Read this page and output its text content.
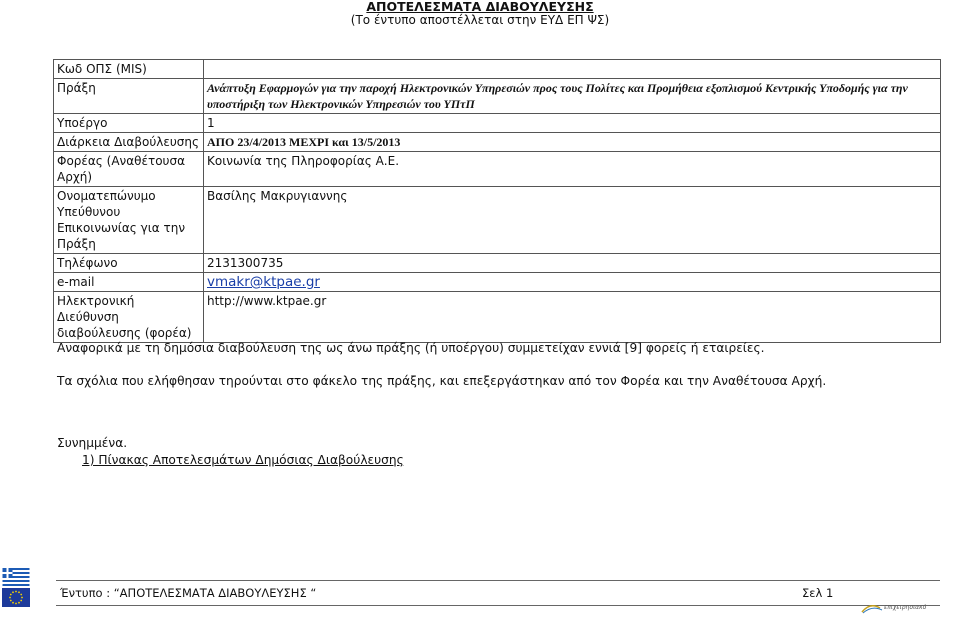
ΑΠΟΤΕΛΕΣΜΑΤΑ ΔΙΑΒΟΥΛΕΥΣΗΣ
(Το έντυπο αποστέλλεται στην ΕΥΔ ΕΠ ΨΣ)
Κωδ ΟΠΣ (MIS)	
Πράξη	Ανάπτυξη Εφαρμογών για την παροχή Ηλεκτρονικών Υπηρεσιών προς τους Πολίτες και Προμήθεια εξοπλισμού Κεντρικής Υποδομής για την υποστήριξη των Ηλεκτρονικών Υπηρεσιών του ΥΠτΠ
Υποέργο	1
Διάρκεια Διαβούλευσης	ΑΠΟ 23/4/2013 ΜΕΧΡΙ και 13/5/2013
Φορέας (Αναθέτουσα Αρχή)	Κοινωνία της Πληροφορίας Α.Ε.
Ονοματεπώνυμο Υπεύθυνου Επικοινωνίας για την Πράξη	Βασίλης Μακρυγιαννης
Τηλέφωνο	2131300735
e-mail	vmakr@ktpae.gr
Ηλεκτρονική Διεύθυνση διαβούλευσης (φορέα)	http://www.ktpae.gr
Αναφορικά με τη δημόσια διαβούλευση της ως άνω πράξης (ή υποέργου) συμμετείχαν εννιά [9] φορείς ή εταιρείες.
Τα σχόλια που ελήφθησαν τηρούνται στο φάκελο της πράξης, και επεξεργάστηκαν από τον Φορέα και την Αναθέτουσα Αρχή.
Συνημμένα.
1) Πίνακας Αποτελεσμάτων Δημόσιας Διαβούλευσης
Έντυπο : “ΑΠΟΤΕΛΕΣΜΑΤΑ ΔΙΑΒΟΥΛΕΥΣΗΣ “	Σελ 1
επιχειρησιακό
